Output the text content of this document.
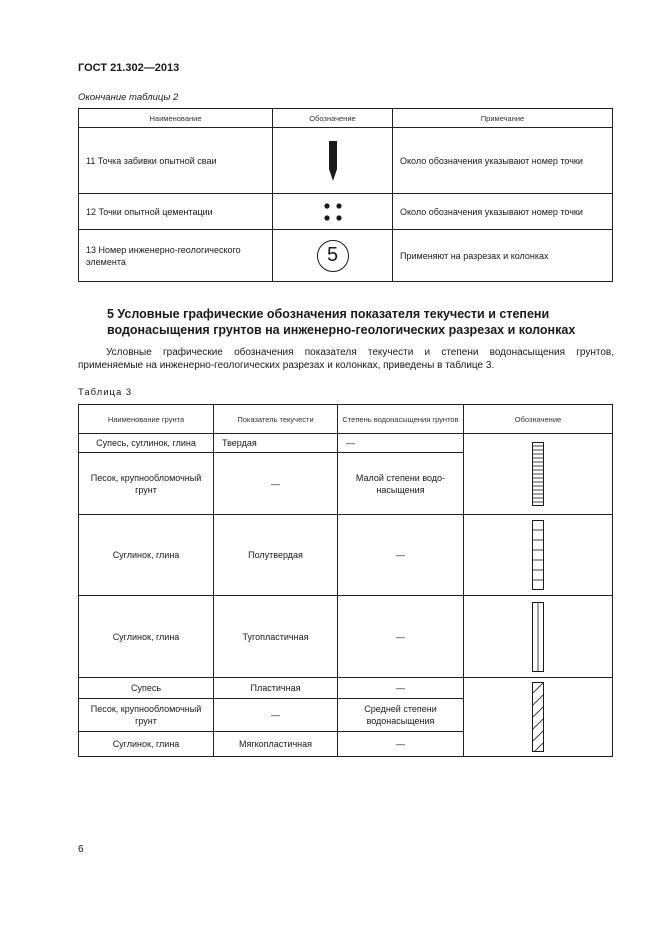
ГОСТ 21.302—2013
Окончание таблицы 2
Наименование	Обозначение	Примечание
11 Точка забивки опытной сваи		Около обозначения указывают номер точки
12 Точки опытной цементации		Около обозначения указывают номер точки
13 Номер инженерно-геологического элемента	5	Применяют на разрезах и колонках
5 Условные графические обозначения показателя текучести и степени водонасыщения грунтов на инженерно-геологических разрезах и колонках
Условные графические обозначения показателя текучести и степени водонасыщения грунтов, применяемые на инженерно-геологических разрезах и колонках, приведены в таблице 3.
Таблица 3
Наименование грунта	Показатель текучести	Степень водонасыщения грунтов	Обозначение
Супесь, суглинок, глина	Твердая	—	

Песок, крупнообломочный грунт	—	Малой степени водо-насыщения	
Суглинок, глина	Полутвердая	—	

Суглинок, глина	Тугопластичная	—	

Супесь	Пластичная	—	

Песок, крупнообломочный грунт	—	Средней степени водонасыщения	
Суглинок, глина	Мягкопластичная	—	
6
